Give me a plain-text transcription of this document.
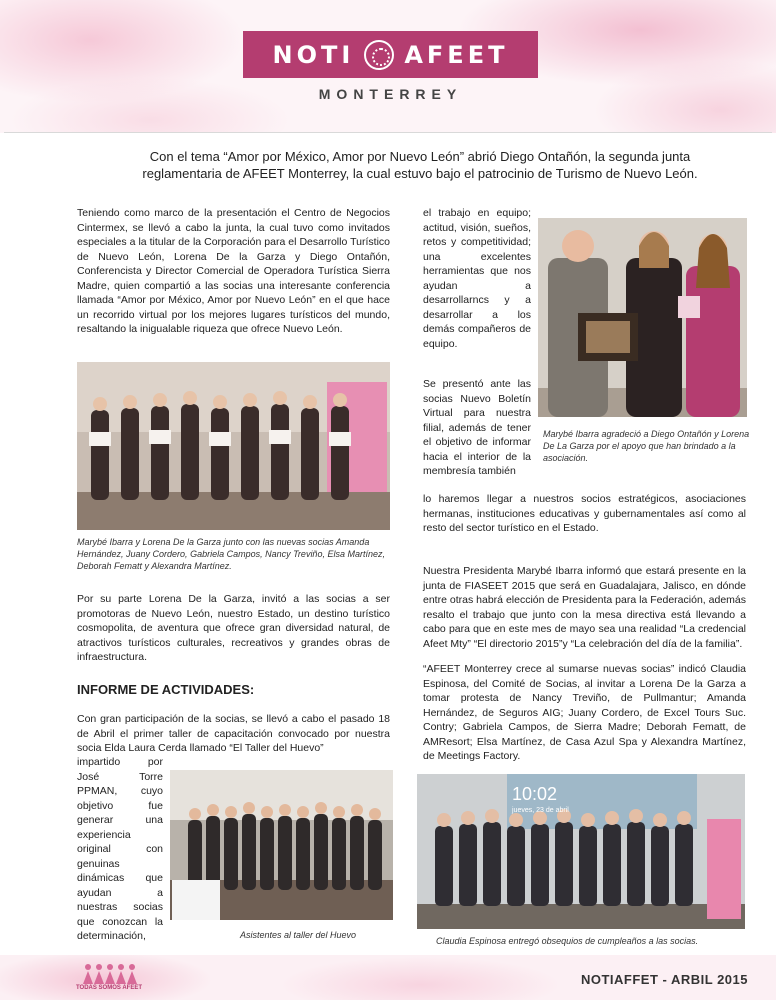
NOTI AFEET
MONTERREY
Con el tema “Amor por México, Amor por Nuevo León” abrió Diego Ontañón, la segunda junta reglamentaria de AFEET Monterrey, la cual estuvo bajo el patrocinio de Turismo de Nuevo León.

Teniendo como marco de la presentación el Centro de Negocios Cintermex, se llevó a cabo la junta, la cual tuvo como invitados especiales a la titular de la Corporación para el Desarrollo Turístico de Nuevo León, Lorena De la Garza y Diego Ontañón, Conferencista y Director Comercial de Operadora Turística Sierra Madre, quien compartió a las socias una interesante conferencia llamada “Amor por México, Amor por Nuevo León” en el que hace un recorrido virtual por los mejores lugares turísticos del mundo, resaltando la inigualable riqueza que ofrece Nuevo León.

Marybé Ibarra y Lorena De la Garza junto con las nuevas socias Amanda Hernández, Juany Cordero, Gabriela Campos, Nancy Treviño, Elsa Martínez, Deborah Fematt y Alexandra Martínez.

Por su parte Lorena De la Garza, invitó a las socias a ser promotoras de Nuevo León, nuestro Estado, un destino turístico cosmopolita, de aventura que ofrece gran diversidad natural, de atractivos turísticos culturales, recreativos y grandes obras de infraestructura.

INFORME DE ACTIVIDADES:

Con gran participación de la socias, se llevó a cabo el pasado 18 de Abril el primer taller de capacitación convocado por nuestra socia Elda Laura Cerda llamado “El Taller del Huevo”

impartido por José Torre PPMAN, cuyo objetivo fue generar una experiencia original con genuinas dinámicas que ayudan a nuestras socias que conozcan la determinación,	Asistentes al taller del Huevo

el trabajo en equipo; actitud, visión, sueños, retos y competitividad; una excelentes herramientas que nos ayudan a desarrollarncs y a desarrollar a los demás compañeros de equipo.

Se presentó ante las socias Nuevo Boletín Virtual para nuestra filial, además de tener el objetivo de informar hacia el interior de la membresía también

Marybé Ibarra agradeció a Diego Ontañón y Lorena De La Garza por el apoyo que han brindado a la asociación.

lo haremos llegar a nuestros socios estratégicos, asociaciones hermanas, instituciones educativas y gubernamentales así como al resto del sector turístico en el Estado.

Nuestra Presidenta Marybé Ibarra informó que estará presente en la junta de FIASEET 2015 que será en Guadalajara, Jalisco, en dónde entre otras habrá elección de Presidenta para la Federación, además resalto el trabajo que junto con la mesa directiva está llevando a cabo para que en este mes de mayo sea una realidad “La credencial Afeet Mty” “El directorio 2015”y “La celebración del día de la familia”.

“AFEET Monterrey crece al sumarse nuevas socias” indicó Claudia Espinosa, del Comité de Socias, al invitar a Lorena De la Garza a tomar protesta de Nancy Treviño, de Pullmantur; Amanda Hernández, de Seguros AIG; Juany Cordero, de Excel Tours Suc. Contry; Gabriela Campos, de Sierra Madre; Deborah Fematt, de AMResort; Elsa Martínez, de Casa Azul Spa y Alexandra Martínez, de Meetings Factory.

10:02
jueves, 23 de abril
Claudia Espinosa entregó obsequios de cumpleaños a las socias.
TODAS SOMOS AFEET
NOTIAFFET - ARBIL 2015
